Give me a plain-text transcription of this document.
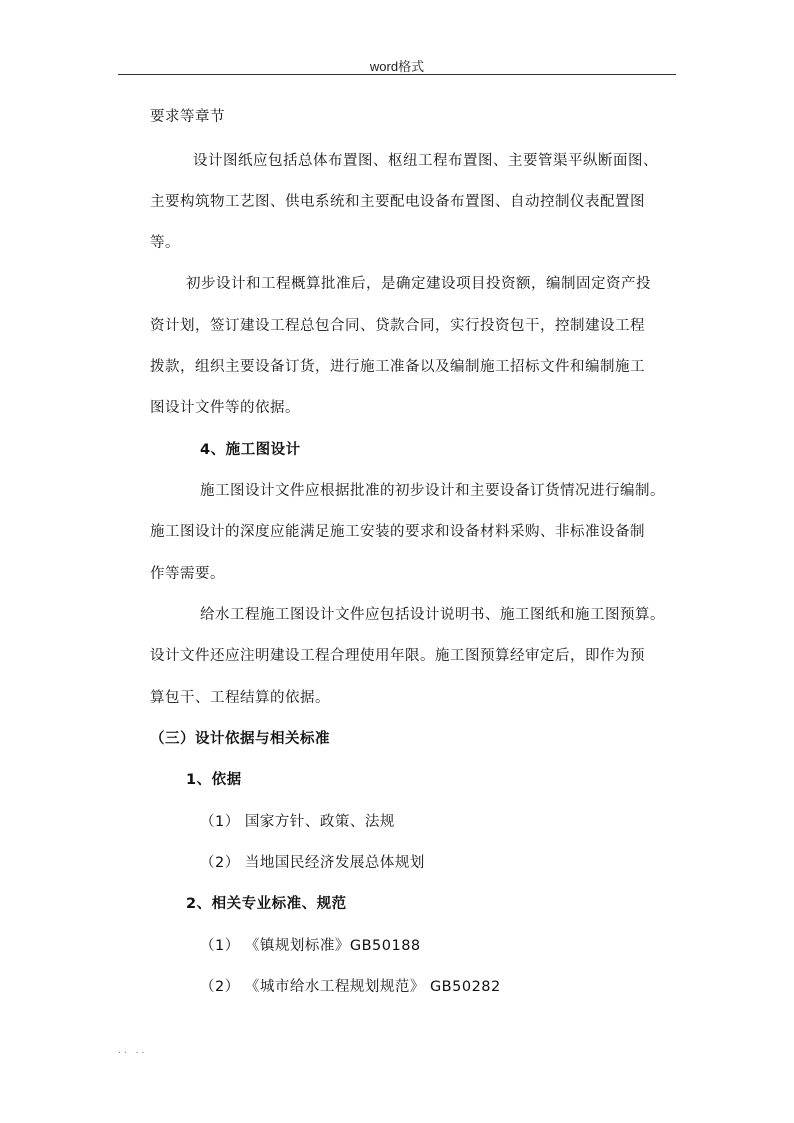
word格式
要求等章节
设计图纸应包括总体布置图、枢纽工程布置图、主要管渠平纵断面图、
主要构筑物工艺图、供电系统和主要配电设备布置图、自动控制仪表配置图
等。
初步设计和工程概算批准后，是确定建设项目投资额，编制固定资产投
资计划，签订建设工程总包合同、贷款合同，实行投资包干，控制建设工程
拨款，组织主要设备订货，进行施工准备以及编制施工招标文件和编制施工
图设计文件等的依据。
4、施工图设计
施工图设计文件应根据批准的初步设计和主要设备订货情况进行编制。
施工图设计的深度应能满足施工安装的要求和设备材料采购、非标准设备制
作等需要。
给水工程施工图设计文件应包括设计说明书、施工图纸和施工图预算。
设计文件还应注明建设工程合理使用年限。施工图预算经审定后，即作为预
算包干、工程结算的依据。
（三）设计依据与相关标准
1、依据
（1） 国家方针、政策、法规
（2） 当地国民经济发展总体规划
2、相关专业标准、规范
（1） 《镇规划标准》GB50188
（2） 《城市给水工程规划规范》 GB50282
.. ..
